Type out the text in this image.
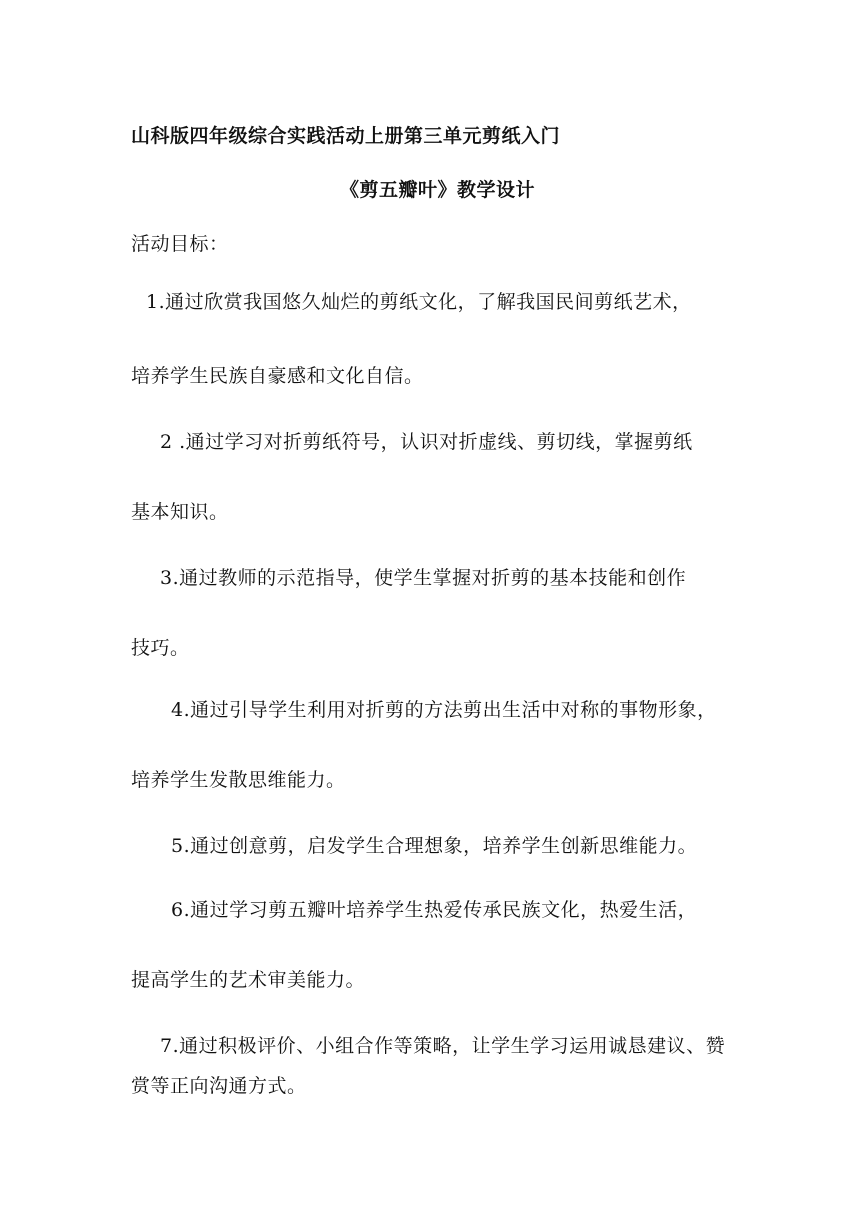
山科版四年级综合实践活动上册第三单元剪纸入门
《剪五瓣叶》教学设计
活动目标：
1.通过欣赏我国悠久灿烂的剪纸文化，了解我国民间剪纸艺术，
培养学生民族自豪感和文化自信。
2 .通过学习对折剪纸符号，认识对折虚线、剪切线，掌握剪纸
基本知识。
3.通过教师的示范指导，使学生掌握对折剪的基本技能和创作
技巧。
4.通过引导学生利用对折剪的方法剪出生活中对称的事物形象，
培养学生发散思维能力。
5.通过创意剪，启发学生合理想象，培养学生创新思维能力。
6.通过学习剪五瓣叶培养学生热爱传承民族文化，热爱生活，
提高学生的艺术审美能力。
7.通过积极评价、小组合作等策略，让学生学习运用诚恳建议、赞
赏等正向沟通方式。
